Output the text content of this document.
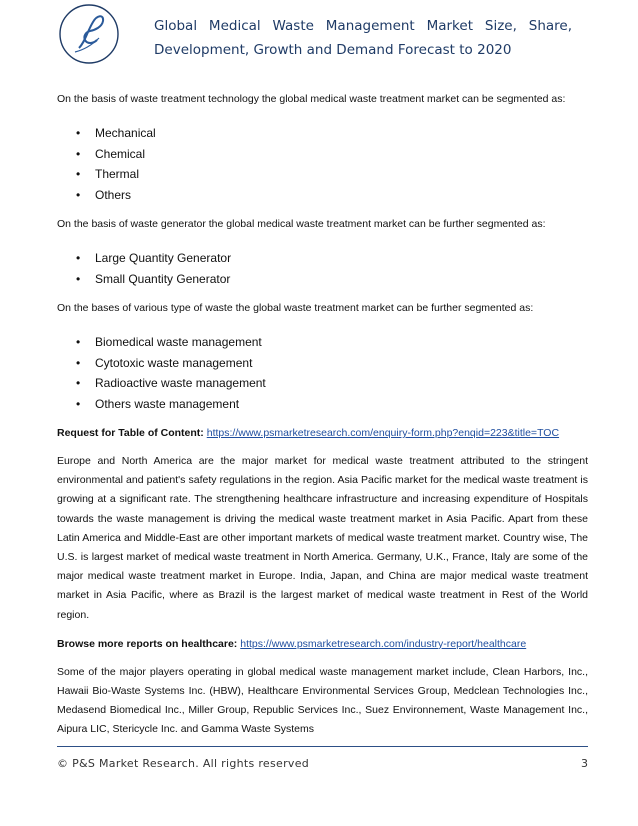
Global Medical Waste Management Market Size, Share,
Development, Growth and Demand Forecast to 2020

On the basis of waste treatment technology the global medical waste treatment market can be segmented as:

• Mechanical
• Chemical
• Thermal
• Others

On the basis of waste generator the global medical waste treatment market can be further segmented as:

• Large Quantity Generator
• Small Quantity Generator

On the bases of various type of waste the global waste treatment market can be further segmented as:

• Biomedical waste management
• Cytotoxic waste management
• Radioactive waste management
• Others waste management

Request for Table of Content: https://www.psmarketresearch.com/enquiry-form.php?enqid=223&title=TOC

Europe and North America are the major market for medical waste treatment attributed to the stringent environmental and patient's safety regulations in the region. Asia Pacific market for the medical waste treatment is growing at a significant rate. The strengthening healthcare infrastructure and increasing expenditure of Hospitals towards the waste management is driving the medical waste treatment market in Asia Pacific. Apart from these Latin America and Middle-East are other important markets of medical waste treatment market. Country wise, The U.S. is largest market of medical waste treatment in North America. Germany, U.K., France, Italy are some of the major medical waste treatment market in Europe. India, Japan, and China are major medical waste treatment market in Asia Pacific, where as Brazil is the largest market of medical waste treatment in Rest of the World region.

Browse more reports on healthcare: https://www.psmarketresearch.com/industry-report/healthcare

Some of the major players operating in global medical waste management market include, Clean Harbors, Inc., Hawaii Bio-Waste Systems Inc. (HBW), Healthcare Environmental Services Group, Medclean Technologies Inc., Medasend Biomedical Inc., Miller Group, Republic Services Inc., Suez Environnement, Waste Management Inc., Aipura LIC, Stericycle Inc. and Gamma Waste Systems

© P&S Market Research. All rights reserved	3
